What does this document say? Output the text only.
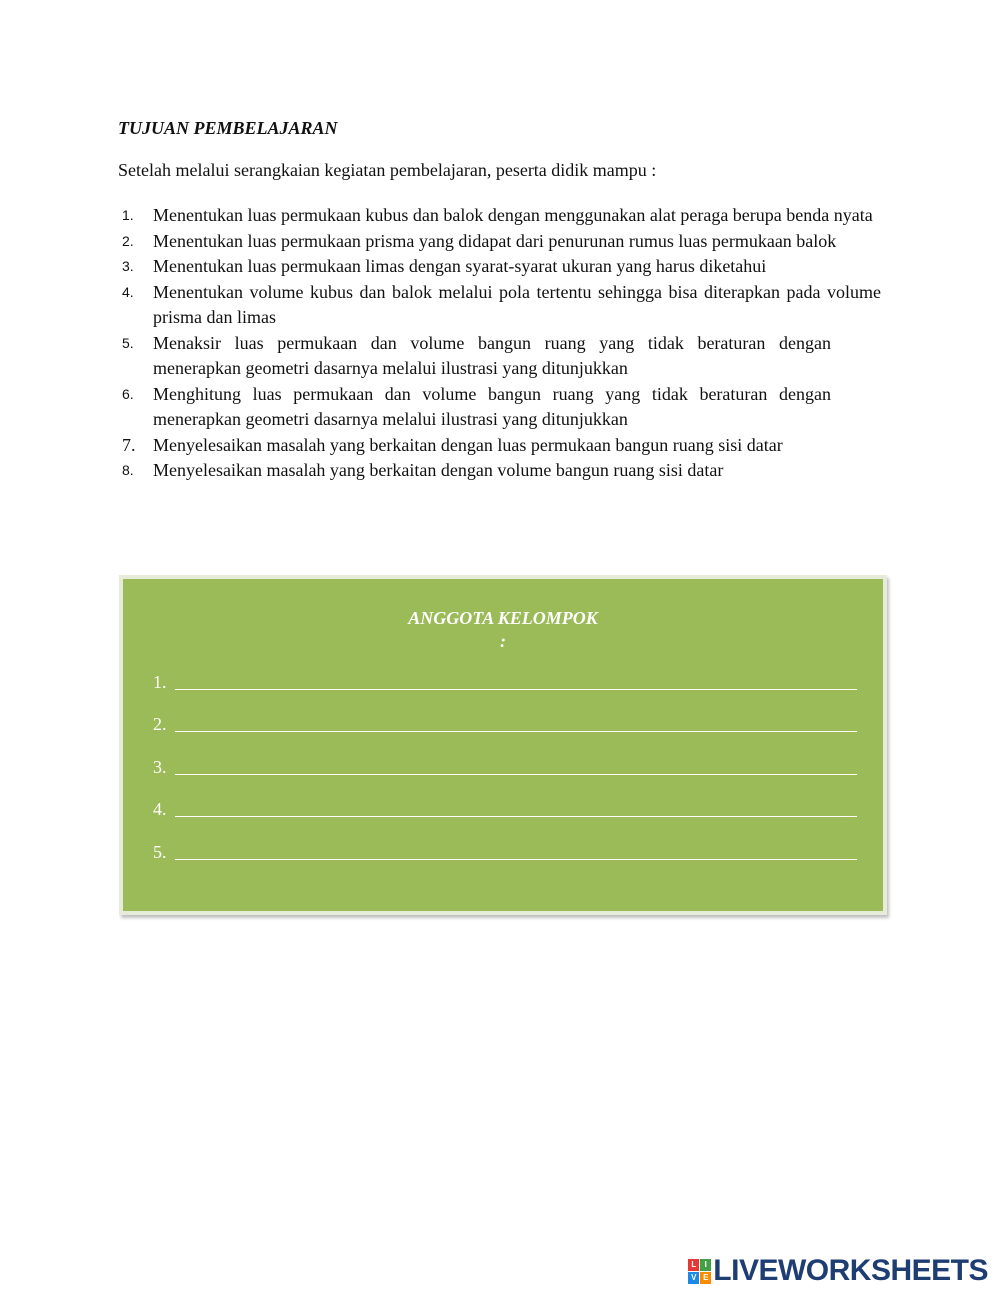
TUJUAN PEMBELAJARAN

Setelah melalui serangkaian kegiatan pembelajaran, peserta didik mampu :

1.	Menentukan luas permukaan kubus dan balok dengan menggunakan alat peraga berupa benda nyata
2.	Menentukan luas permukaan prisma yang didapat dari penurunan rumus luas permukaan balok
3.	Menentukan luas permukaan limas dengan syarat-syarat ukuran yang harus diketahui
4.	Menentukan volume kubus dan balok melalui pola tertentu sehingga bisa diterapkan pada volume prisma dan limas
5.	Menaksir luas permukaan dan volume bangun ruang yang tidak beraturan dengan menerapkan geometri dasarnya melalui ilustrasi yang ditunjukkan
6.	Menghitung luas permukaan dan volume bangun ruang yang tidak beraturan dengan menerapkan geometri dasarnya melalui ilustrasi yang ditunjukkan
7. Menyelesaikan masalah yang berkaitan dengan luas permukaan bangun ruang sisi datar
8.	Menyelesaikan masalah yang berkaitan dengan volume bangun ruang sisi datar
ANGGOTA KELOMPOK
:
1.
2.
3.
4.
5.
L	I
V E LIVEWORKSHEETS
